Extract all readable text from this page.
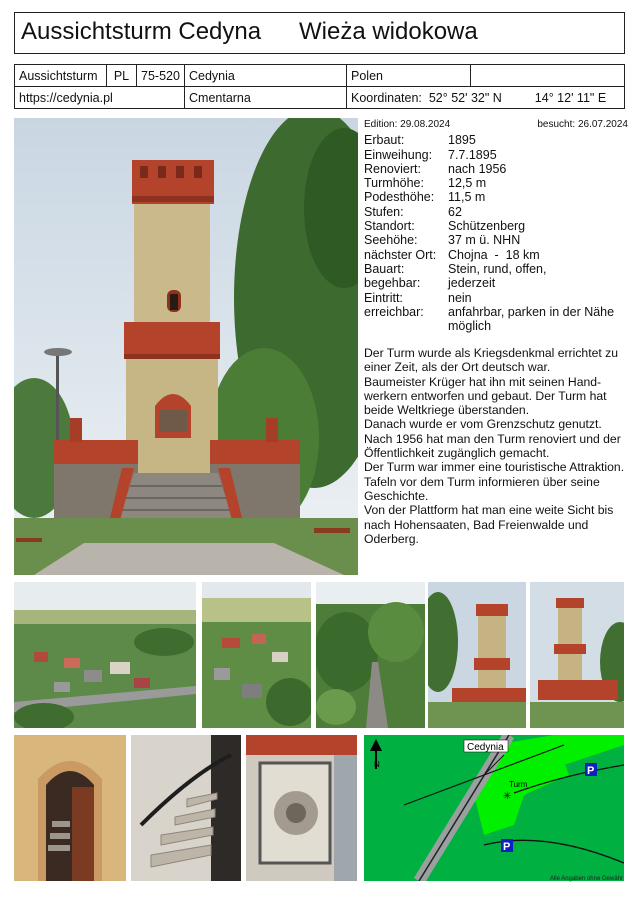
Aussichtsturm Cedyna Wieża widokowa
Aussichtsturm	PL	75-520	Cedynia	Polen	
https://cedynia.pl			Cmentarna	Koordinaten: 52° 52' 32" N 14° 12' 11" E	
Edition: 29.08.2024	besucht: 26.07.2024
Erbaut:	1895
Einweihung:	7.7.1895
Renoviert:	nach 1956
Turmhöhe:	12,5 m
Podesthöhe:	11,5 m
Stufen:	62
Standort:	Schützenberg
Seehöhe:	37 m ü. NHN
nächster Ort: Chojna  -  18 km
Bauart:	Stein, rund, offen,
begehbar:	jederzeit
Eintritt:	nein
erreichbar:	anfahrbar, parken in der Nähe möglich

Der Turm wurde als Kriegsdenkmal errichtet zu einer Zeit, als der Ort deutsch war.

Baumeister Krüger hat ihn mit seinen Hand-werkern entworfen und gebaut. Der Turm hat beide Weltkriege überstanden.

Danach wurde er vom Grenzschutz genutzt.

Nach 1956 hat man den Turm renoviert und der Öffentlichkeit zugänglich gemacht.

Der Turm war immer eine touristische Attraktion. Tafeln vor dem Turm informieren über seine Geschichte.

Von der Plattform hat man eine weite Sicht bis nach Hohensaaten, Bad Freienwalde und Oderberg.

Cedynia
Turm
✳
P
P
N
Alle Angaben ohne Gewähr
